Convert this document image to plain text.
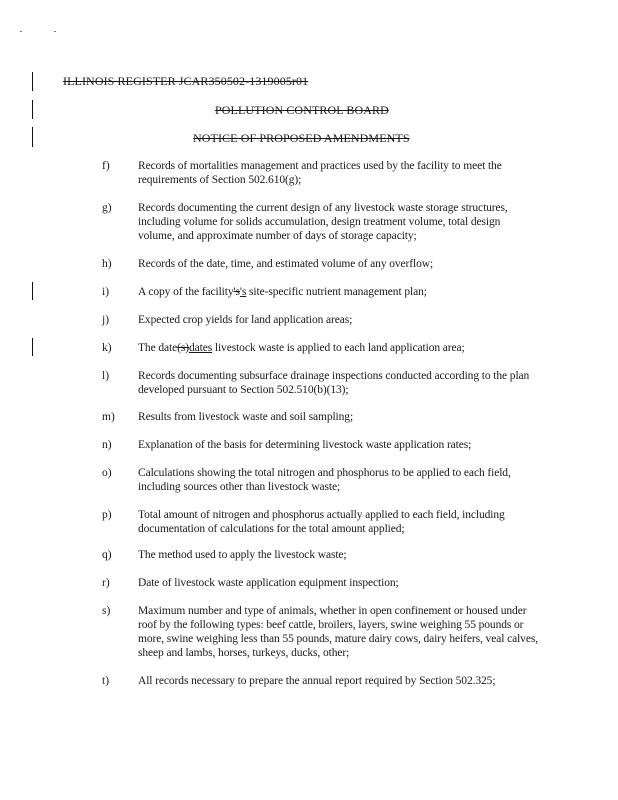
ILLINOIS REGISTER JCAR350502-1319005r01
POLLUTION CONTROL BOARD
NOTICE OF PROPOSED AMENDMENTS
f)	Records of mortalities management and practices used by the facility to meet the requirements of Section 502.610(g);
g)	Records documenting the current design of any livestock waste storage structures, including volume for solids accumulation, design treatment volume, total design volume, and approximate number of days of storage capacity;
h)	Records of the date, time, and estimated volume of any overflow;
i)	A copy of the facility's's site-specific nutrient management plan;
j)	Expected crop yields for land application areas;
k)	The date(s)dates livestock waste is applied to each land application area;
l)	Records documenting subsurface drainage inspections conducted according to the plan developed pursuant to Section 502.510(b)(13);
m)	Results from livestock waste and soil sampling;
n)	Explanation of the basis for determining livestock waste application rates;
o)	Calculations showing the total nitrogen and phosphorus to be applied to each field, including sources other than livestock waste;
p)	Total amount of nitrogen and phosphorus actually applied to each field, including documentation of calculations for the total amount applied;
q)	The method used to apply the livestock waste;
r)	Date of livestock waste application equipment inspection;
s)	Maximum number and type of animals, whether in open confinement or housed under roof by the following types: beef cattle, broilers, layers, swine weighing 55 pounds or more, swine weighing less than 55 pounds, mature dairy cows, dairy heifers, veal calves, sheep and lambs, horses, turkeys, ducks, other;
t)	All records necessary to prepare the annual report required by Section 502.325;
